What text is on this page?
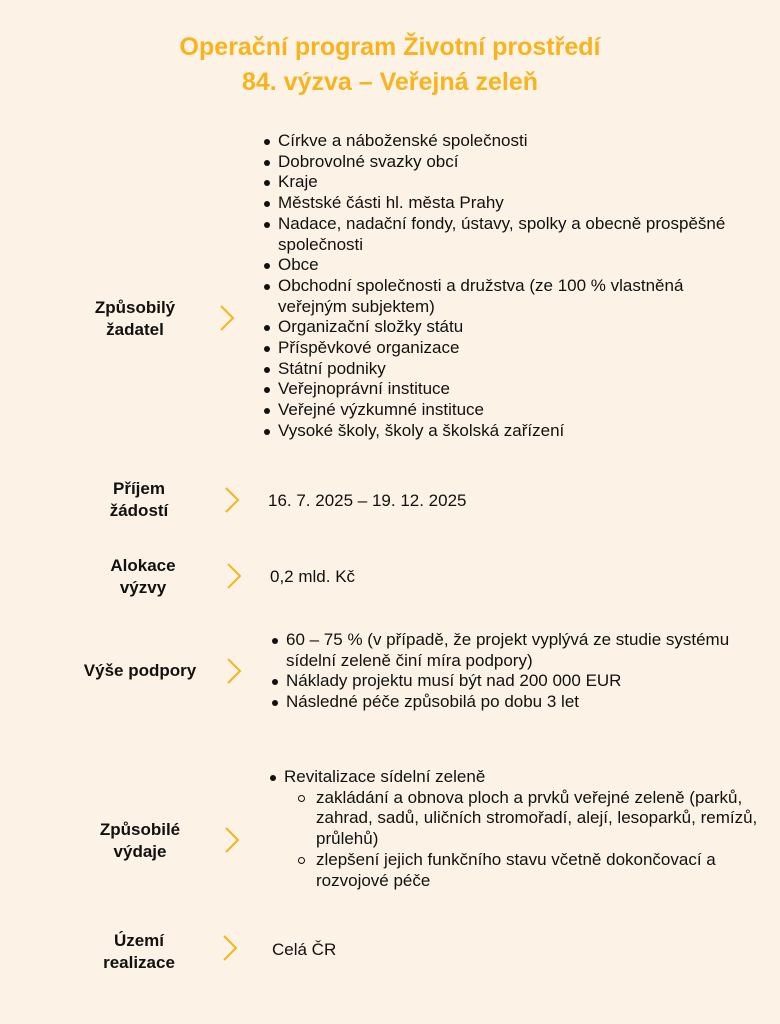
Operační program Životní prostředí
84. výzva – Veřejná zeleň
Způsobilý
žadatel
Církve a náboženské společnosti
Dobrovolné svazky obcí
Kraje
Městské části hl. města Prahy
Nadace, nadační fondy, ústavy, spolky a obecně prospěšné společnosti
Obce
Obchodní společnosti a družstva (ze 100 % vlastněná veřejným subjektem)
Organizační složky státu
Příspěvkové organizace
Státní podniky
Veřejnoprávní instituce
Veřejné výzkumné instituce
Vysoké školy, školy a školská zařízení
Příjem
žádostí
16. 7. 2025 – 19. 12. 2025
Alokace
výzvy
0,2 mld. Kč
Výše podpory
60 – 75 % (v případě, že projekt vyplývá ze studie systému sídelní zeleně činí míra podpory)
Náklady projektu musí být nad 200 000 EUR
Následné péče způsobilá po dobu 3 let
Způsobilé
výdaje
Revitalizace sídelní zeleně
zakládání a obnova ploch a prvků veřejné zeleně (parků, zahrad, sadů, uličních stromořadí, alejí, lesoparků, remízů, průlehů)
zlepšení jejich funkčního stavu včetně dokončovací a rozvojové péče
Území
realizace
Celá ČR
